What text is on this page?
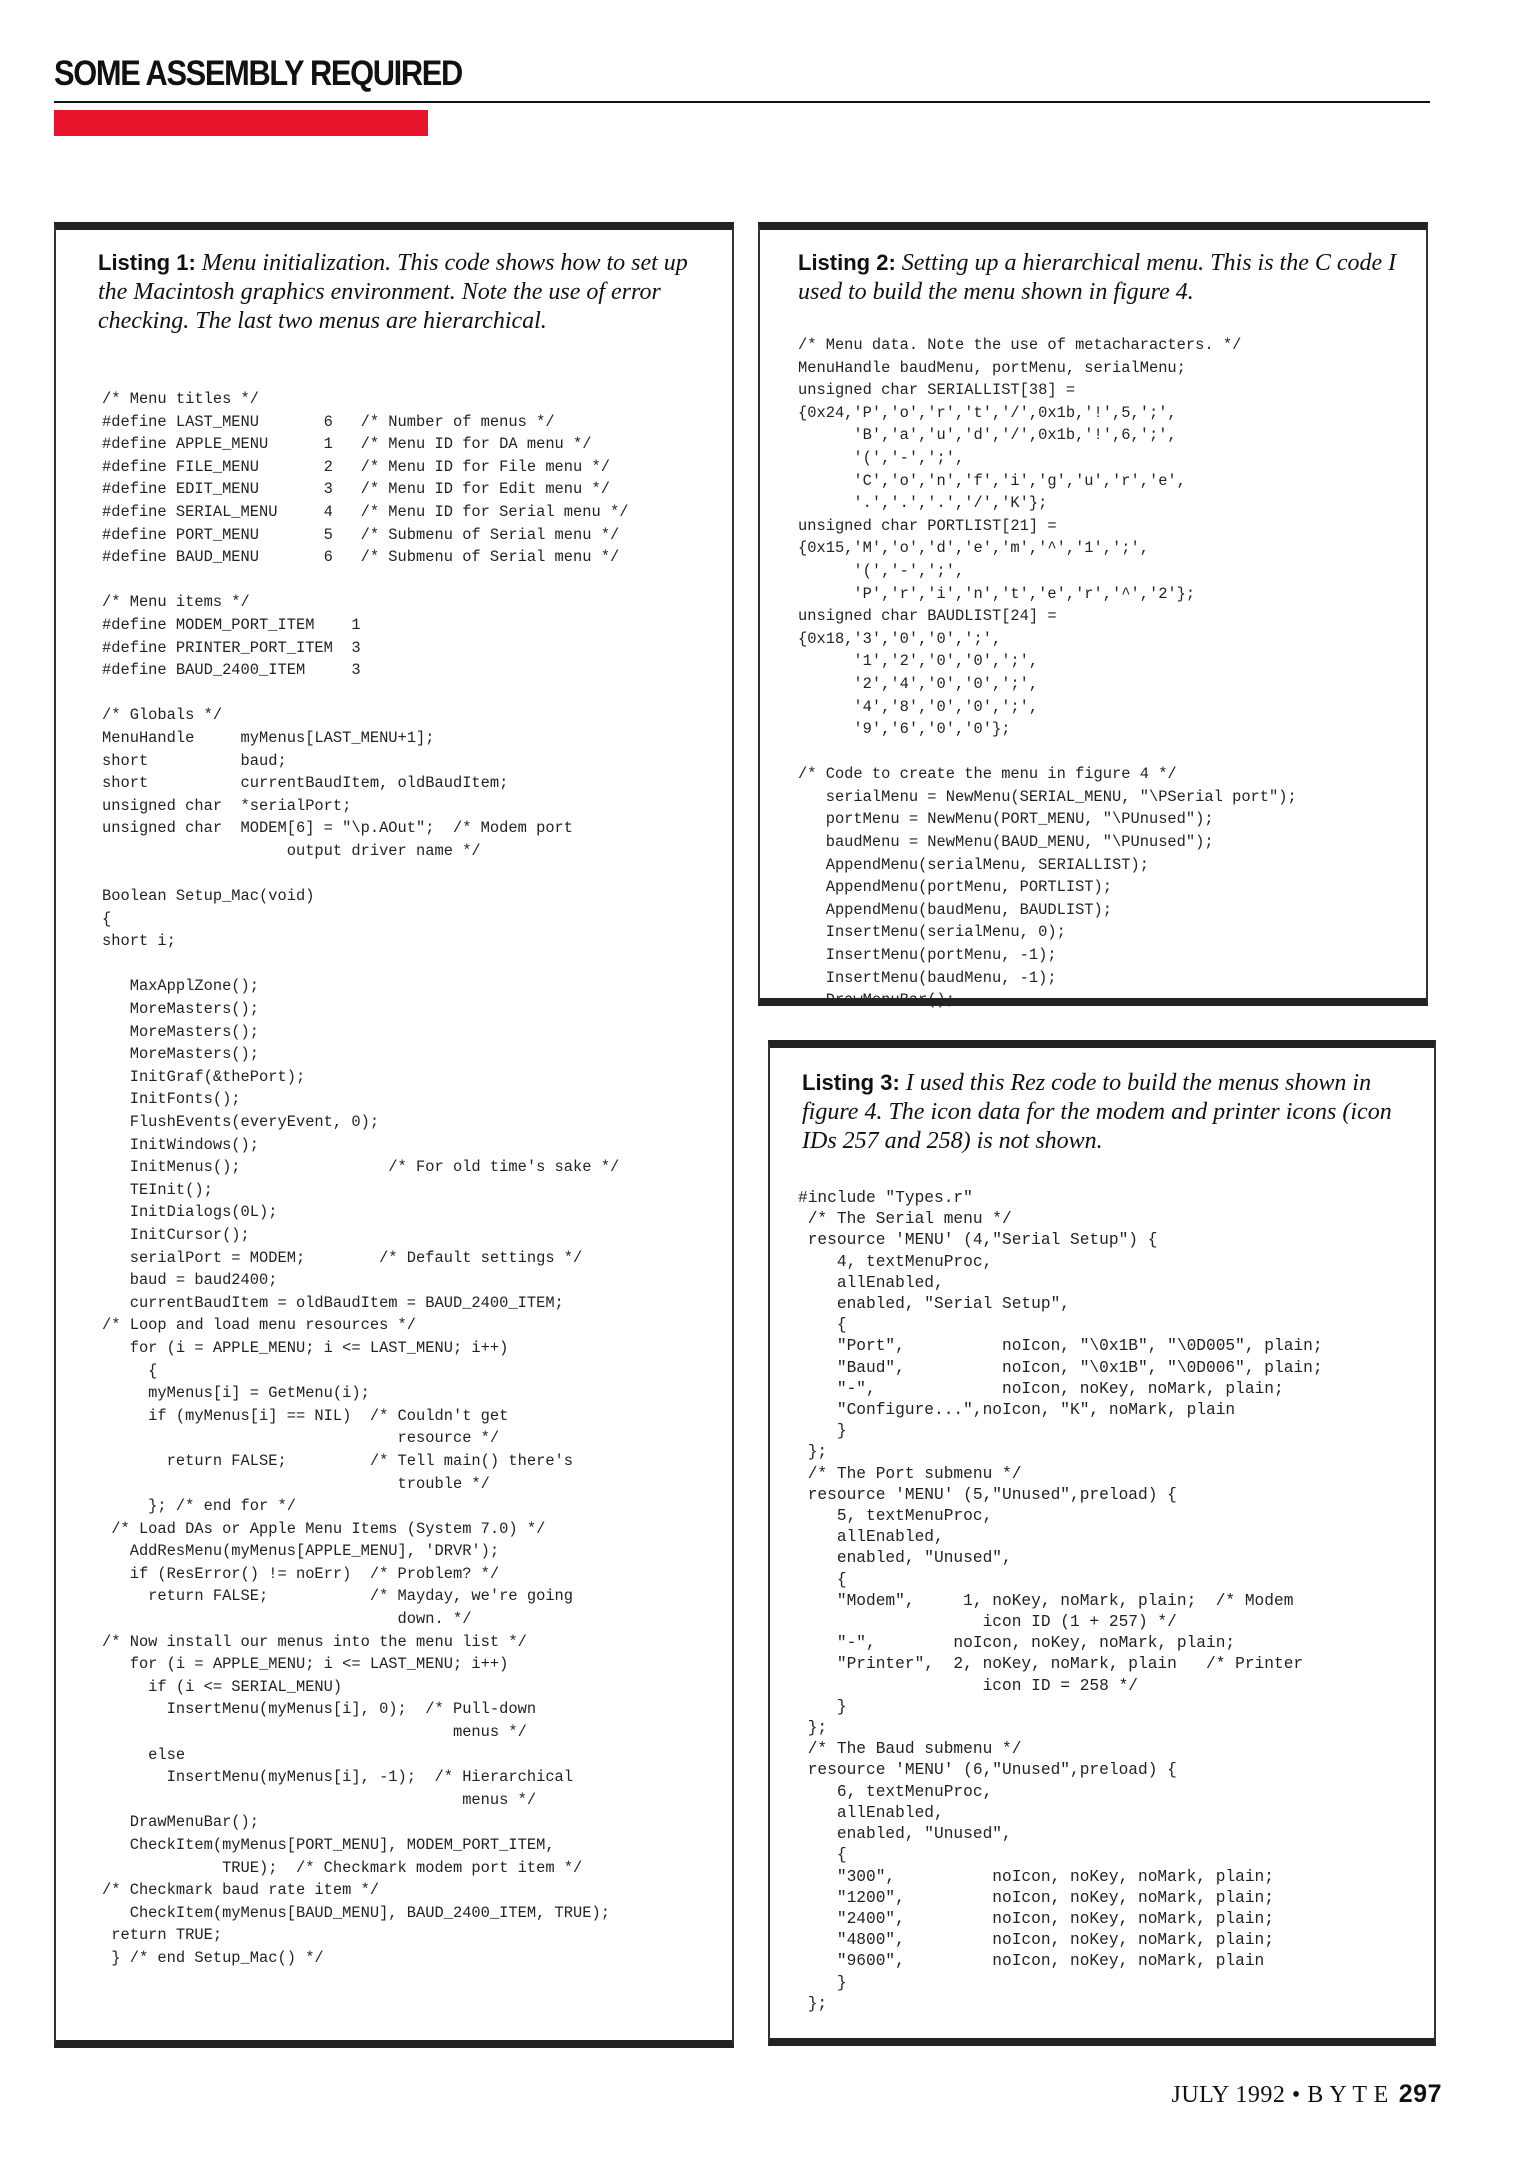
SOME ASSEMBLY REQUIRED
Listing 1: Menu initialization. This code shows how to set up the Macintosh graphics environment. Note the use of error checking. The last two menus are hierarchical.
/* Menu titles */
#define LAST_MENU       6   /* Number of menus */
#define APPLE_MENU      1   /* Menu ID for DA menu */
#define FILE_MENU       2   /* Menu ID for File menu */
#define EDIT_MENU       3   /* Menu ID for Edit menu */
#define SERIAL_MENU     4   /* Menu ID for Serial menu */
#define PORT_MENU       5   /* Submenu of Serial menu */
#define BAUD_MENU       6   /* Submenu of Serial menu */

/* Menu items */
#define MODEM_PORT_ITEM    1
#define PRINTER_PORT_ITEM  3
#define BAUD_2400_ITEM     3

/* Globals */
MenuHandle     myMenus[LAST_MENU+1];
short          baud;
short          currentBaudItem, oldBaudItem;
unsigned char  *serialPort;
unsigned char  MODEM[6] = "\p.AOut";  /* Modem port
output driver name */

Boolean Setup_Mac(void)
{
short i;

MaxApplZone();
MoreMasters();
MoreMasters();
MoreMasters();
InitGraf(&thePort);
InitFonts();
FlushEvents(everyEvent, 0);
InitWindows();
InitMenus();                /* For old time's sake */
TEInit();
InitDialogs(0L);
InitCursor();
serialPort = MODEM;        /* Default settings */
baud = baud2400;
currentBaudItem = oldBaudItem = BAUD_2400_ITEM;
/* Loop and load menu resources */
for (i = APPLE_MENU; i <= LAST_MENU; i++)
{
myMenus[i] = GetMenu(i);
if (myMenus[i] == NIL)  /* Couldn't get
resource */
return FALSE;         /* Tell main() there's
trouble */
}; /* end for */
/* Load DAs or Apple Menu Items (System 7.0) */
AddResMenu(myMenus[APPLE_MENU], 'DRVR');
if (ResError() != noErr)  /* Problem? */
return FALSE;           /* Mayday, we're going
down. */
/* Now install our menus into the menu list */
for (i = APPLE_MENU; i <= LAST_MENU; i++)
if (i <= SERIAL_MENU)
InsertMenu(myMenus[i], 0);  /* Pull-down
menus */
else
InsertMenu(myMenus[i], -1);  /* Hierarchical
menus */
DrawMenuBar();
CheckItem(myMenus[PORT_MENU], MODEM_PORT_ITEM,
TRUE);  /* Checkmark modem port item */
/* Checkmark baud rate item */
CheckItem(myMenus[BAUD_MENU], BAUD_2400_ITEM, TRUE);
return TRUE;
} /* end Setup_Mac() */
Listing 2: Setting up a hierarchical menu. This is the C code I used to build the menu shown in figure 4.
/* Menu data. Note the use of metacharacters. */
MenuHandle baudMenu, portMenu, serialMenu;
unsigned char SERIALLIST[38] =
{0x24,'P','o','r','t','/',0x1b,'!',5,';',
'B','a','u','d','/',0x1b,'!',6,';',
'(','-',';',
'C','o','n','f','i','g','u','r','e',
'.','.','.','/','K'};
unsigned char PORTLIST[21] =
{0x15,'M','o','d','e','m','^','1',';',
'(','-',';',
'P','r','i','n','t','e','r','^','2'};
unsigned char BAUDLIST[24] =
{0x18,'3','0','0',';',
'1','2','0','0',';',
'2','4','0','0',';',
'4','8','0','0',';',
'9','6','0','0'};

/* Code to create the menu in figure 4 */
serialMenu = NewMenu(SERIAL_MENU, "\PSerial port");
portMenu = NewMenu(PORT_MENU, "\PUnused");
baudMenu = NewMenu(BAUD_MENU, "\PUnused");
AppendMenu(serialMenu, SERIALLIST);
AppendMenu(portMenu, PORTLIST);
AppendMenu(baudMenu, BAUDLIST);
InsertMenu(serialMenu, 0);
InsertMenu(portMenu, -1);
InsertMenu(baudMenu, -1);
DrawMenuBar();
Listing 3: I used this Rez code to build the menus shown in figure 4. The icon data for the modem and printer icons (icon IDs 257 and 258) is not shown.
#include "Types.r"
/* The Serial menu */
resource 'MENU' (4,"Serial Setup") {
4, textMenuProc,
allEnabled,
enabled, "Serial Setup",
{
"Port",          noIcon, "\0x1B", "\0D005", plain;
"Baud",          noIcon, "\0x1B", "\0D006", plain;
"-",             noIcon, noKey, noMark, plain;
"Configure...",noIcon, "K", noMark, plain
}
};
/* The Port submenu */
resource 'MENU' (5,"Unused",preload) {
5, textMenuProc,
allEnabled,
enabled, "Unused",
{
"Modem",     1, noKey, noMark, plain;  /* Modem
icon ID (1 + 257) */
"-",        noIcon, noKey, noMark, plain;
"Printer",  2, noKey, noMark, plain   /* Printer
icon ID = 258 */
}
};
/* The Baud submenu */
resource 'MENU' (6,"Unused",preload) {
6, textMenuProc,
allEnabled,
enabled, "Unused",
{
"300",          noIcon, noKey, noMark, plain;
"1200",         noIcon, noKey, noMark, plain;
"2400",         noIcon, noKey, noMark, plain;
"4800",         noIcon, noKey, noMark, plain;
"9600",         noIcon, noKey, noMark, plain
}
};
JULY 1992 • B Y T E 297
